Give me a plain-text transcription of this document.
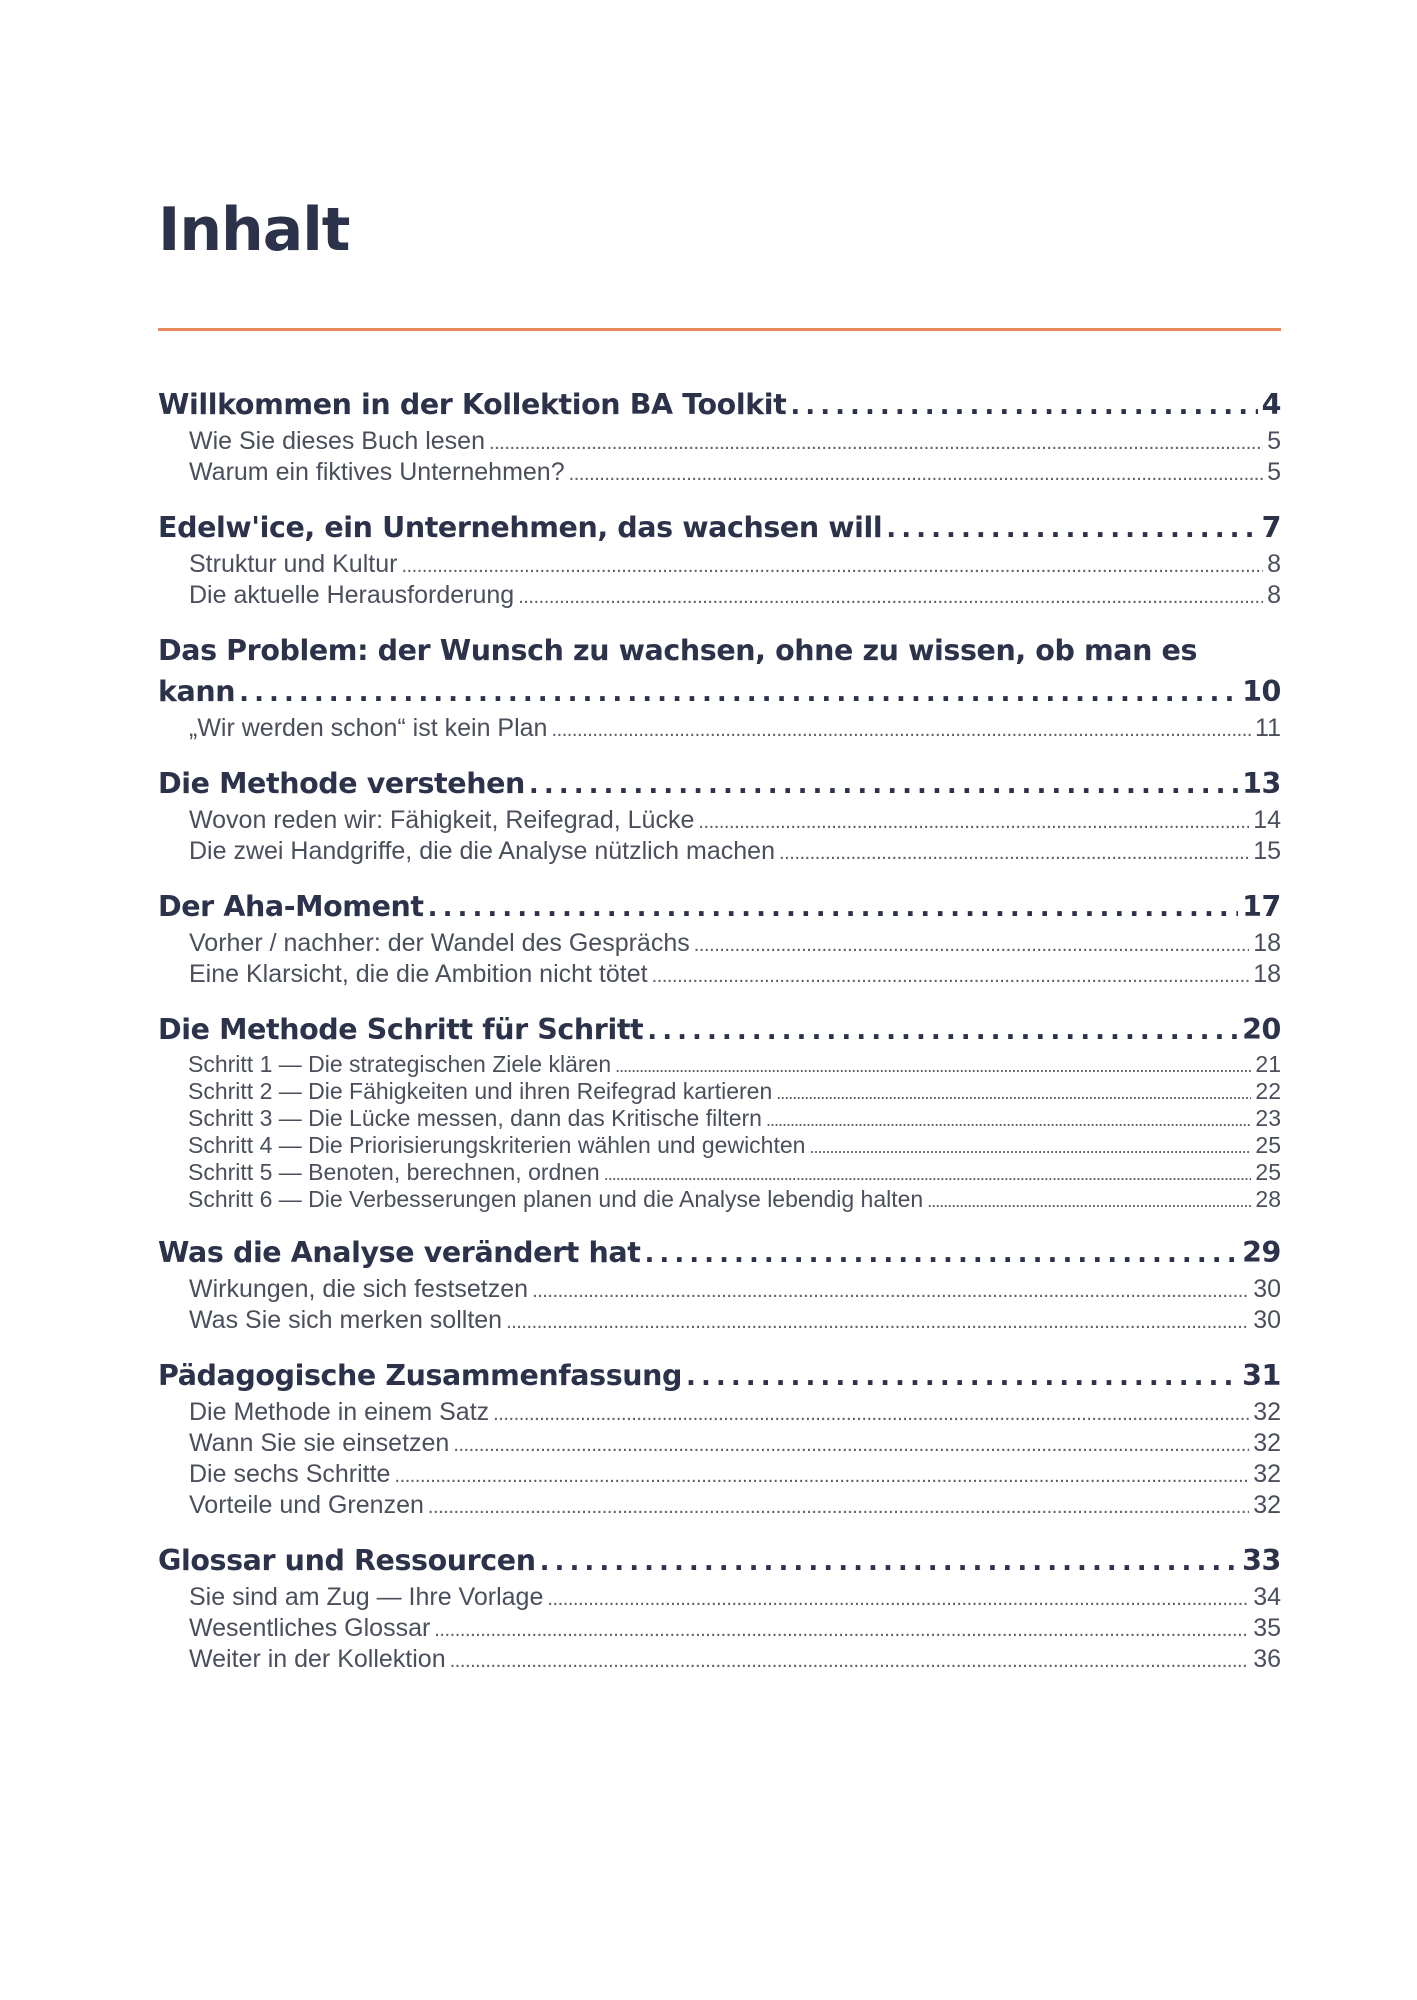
Inhalt
Willkommen in der Kollektion BA Toolkit . . .	4
Wie Sie dieses Buch lesen . . .	5
Warum ein fiktives Unternehmen? . . .	5
Edelw'ice, ein Unternehmen, das wachsen will . . .	7
Struktur und Kultur . . .	8
Die aktuelle Herausforderung . . .	8
Das Problem: der Wunsch zu wachsen, ohne zu wissen, ob man es
kann . . .	10
„Wir werden schon“ ist kein Plan . . .	11
Die Methode verstehen . . .	13
Wovon reden wir: Fähigkeit, Reifegrad, Lücke . . .	14
Die zwei Handgriffe, die die Analyse nützlich machen . . .	15
Der Aha-Moment . . .	17
Vorher / nachher: der Wandel des Gesprächs . . .	18
Eine Klarsicht, die die Ambition nicht tötet . . .	18
Die Methode Schritt für Schritt . . .	20
Schritt 1 — Die strategischen Ziele klären . . .	21
Schritt 2 — Die Fähigkeiten und ihren Reifegrad kartieren . . .	22
Schritt 3 — Die Lücke messen, dann das Kritische filtern . . .	23
Schritt 4 — Die Priorisierungskriterien wählen und gewichten . . .	25
Schritt 5 — Benoten, berechnen, ordnen . . .	25
Schritt 6 — Die Verbesserungen planen und die Analyse lebendig halten . . .	28
Was die Analyse verändert hat . . .	29
Wirkungen, die sich festsetzen . . .	30
Was Sie sich merken sollten . . .	30
Pädagogische Zusammenfassung . . .	31
Die Methode in einem Satz . . .	32
Wann Sie sie einsetzen . . .	32
Die sechs Schritte . . .	32
Vorteile und Grenzen . . .	32
Glossar und Ressourcen . . .	33
Sie sind am Zug — Ihre Vorlage . . .	34
Wesentliches Glossar . . .	35
Weiter in der Kollektion . . .	36
